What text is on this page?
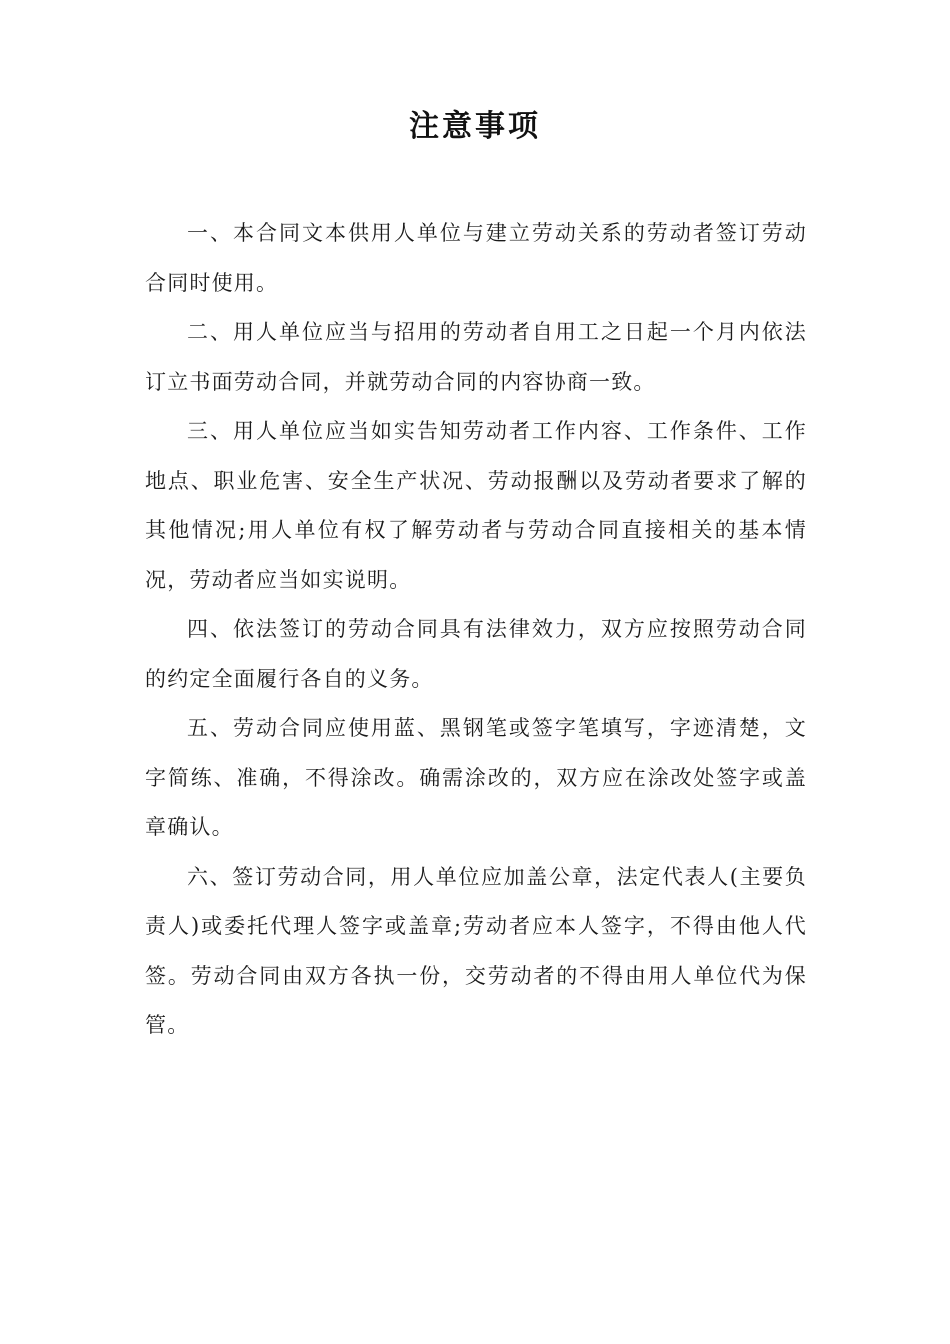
注意事项

一、本合同文本供用人单位与建立劳动关系的劳动者签订劳动合同时使用。

二、用人单位应当与招用的劳动者自用工之日起一个月内依法订立书面劳动合同，并就劳动合同的内容协商一致。

三、用人单位应当如实告知劳动者工作内容、工作条件、工作地点、职业危害、安全生产状况、劳动报酬以及劳动者要求了解的其他情况;用人单位有权了解劳动者与劳动合同直接相关的基本情况，劳动者应当如实说明。

四、依法签订的劳动合同具有法律效力，双方应按照劳动合同的约定全面履行各自的义务。

五、劳动合同应使用蓝、黑钢笔或签字笔填写，字迹清楚，文字简练、准确，不得涂改。确需涂改的，双方应在涂改处签字或盖章确认。

六、签订劳动合同，用人单位应加盖公章，法定代表人(主要负责人)或委托代理人签字或盖章;劳动者应本人签字，不得由他人代签。劳动合同由双方各执一份，交劳动者的不得由用人单位代为保管。
